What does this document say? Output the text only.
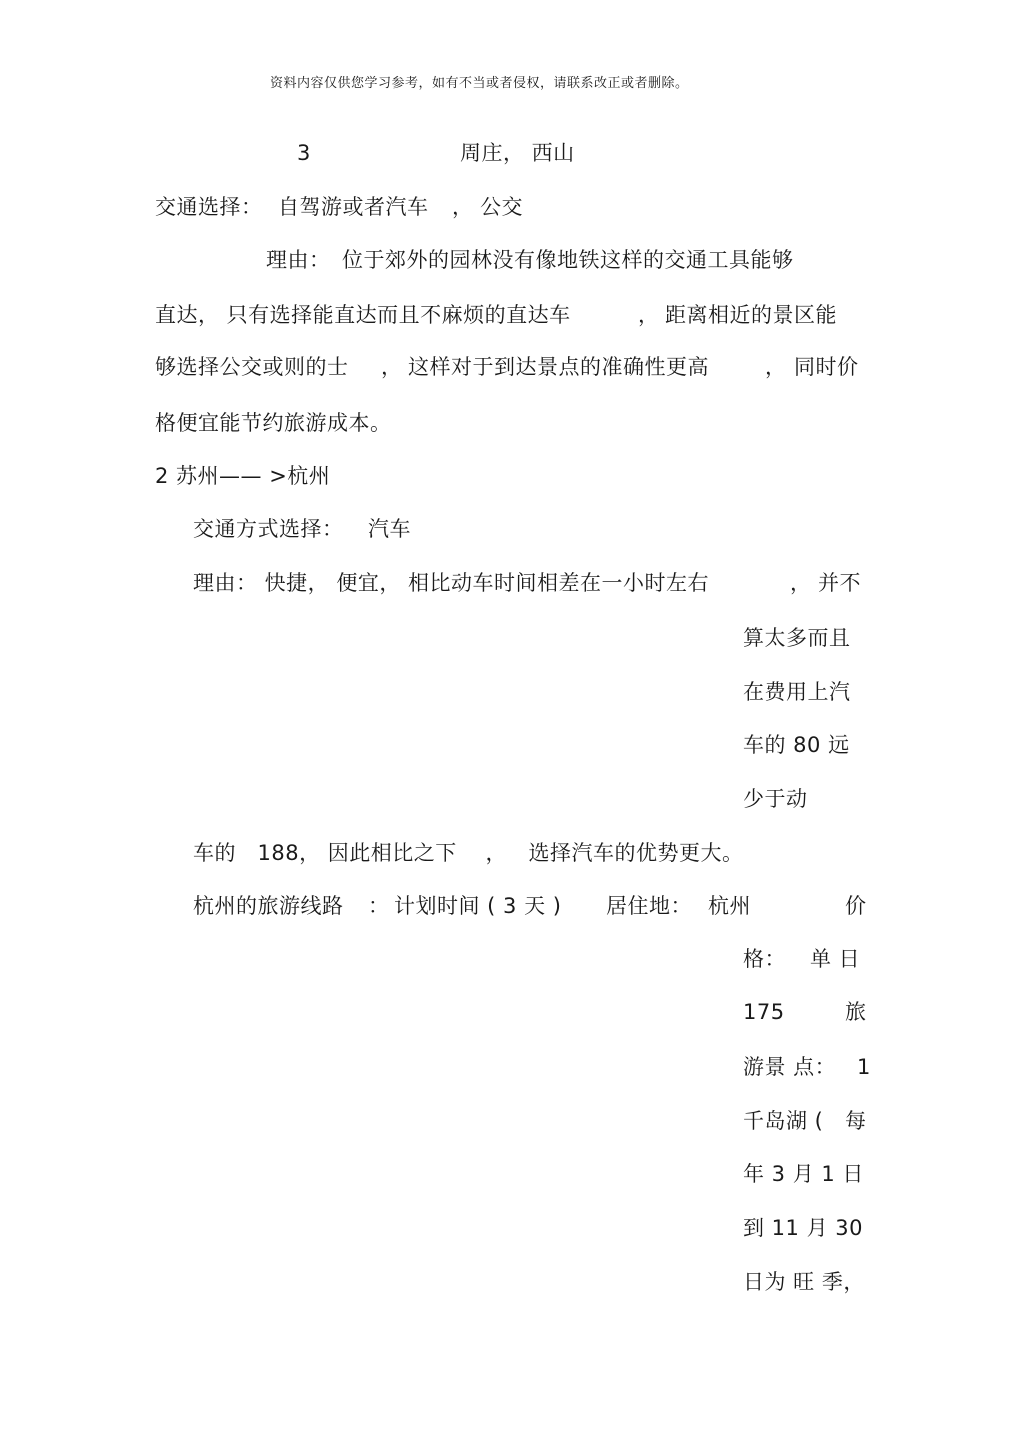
资料内容仅供您学习参考，如有不当或者侵权，请联系改正或者删除。
3	周庄， 西山
交通选择： 自驾游或者汽车 ， 公交
理由： 位于郊外的园林没有像地铁这样的交通工具能够
直达， 只有选择能直达而且不麻烦的直达车	， 距离相近的景区能
够选择公交或则的士 ， 这样对于到达景点的准确性更高	， 同时价
格便宜能节约旅游成本。
2 苏州—— >杭州
交通方式选择： 汽车
理由： 快捷， 便宜， 相比动车时间相差在一小时左右	， 并不
算太多而且
在费用上汽
车的 80 远
少于动
车的   188， 因此相比之下    ，   选择汽车的优势更大。
杭州的旅游线路 ： 计划时间 ( 3 天 ) 居住地： 杭州	价
格： 单 日
175	旅
游景 点： 1
千岛湖 ( 每
年 3 月 1 日
到 11 月 30
日为 旺 季，
